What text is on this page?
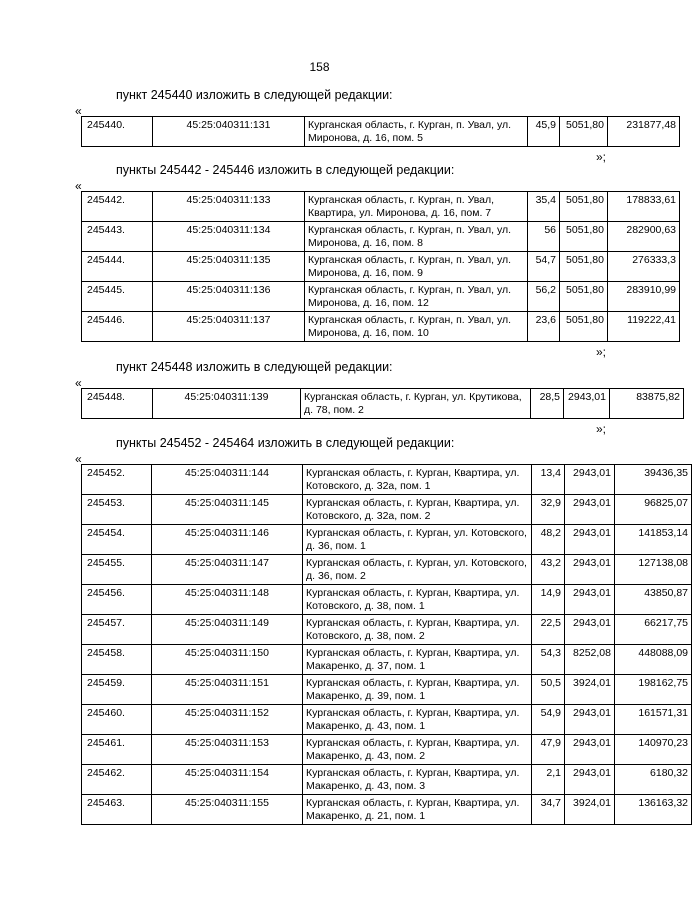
158
пункт 245440 изложить в следующей редакции:
«
245440.	45:25:040311:131	Курганская область, г. Курган, п. Увал, ул. Миронова, д. 16, пом. 5	45,9	5051,80	231877,48
»;
пункты 245442 - 245446 изложить в следующей редакции:
«
245442.	45:25:040311:133	Курганская область, г. Курган, п. Увал, Квартира, ул. Миронова, д. 16, пом. 7	35,4	5051,80	178833,61
245443.	45:25:040311:134	Курганская область, г. Курган, п. Увал, ул. Миронова, д. 16, пом. 8	56	5051,80	282900,63
245444.	45:25:040311:135	Курганская область, г. Курган, п. Увал, ул. Миронова, д. 16, пом. 9	54,7	5051,80	276333,3
245445.	45:25:040311:136	Курганская область, г. Курган, п. Увал, ул. Миронова, д. 16, пом. 12	56,2	5051,80	283910,99
245446.	45:25:040311:137	Курганская область, г. Курган, п. Увал, ул. Миронова, д. 16, пом. 10	23,6	5051,80	119222,41
»;
пункт 245448 изложить в следующей редакции:
«
245448.	45:25:040311:139	Курганская область, г. Курган, ул. Крутикова, д. 78, пом. 2	28,5	2943,01	83875,82
»;
пункты 245452 - 245464 изложить в следующей редакции:
«
245452.	45:25:040311:144	Курганская область, г. Курган, Квартира, ул. Котовского, д. 32а, пом. 1	13,4	2943,01	39436,35
245453.	45:25:040311:145	Курганская область, г. Курган, Квартира, ул. Котовского, д. 32а, пом. 2	32,9	2943,01	96825,07
245454.	45:25:040311:146	Курганская область, г. Курган, ул. Котовского, д. 36, пом. 1	48,2	2943,01	141853,14
245455.	45:25:040311:147	Курганская область, г. Курган, ул. Котовского, д. 36, пом. 2	43,2	2943,01	127138,08
245456.	45:25:040311:148	Курганская область, г. Курган, Квартира, ул. Котовского, д. 38, пом. 1	14,9	2943,01	43850,87
245457.	45:25:040311:149	Курганская область, г. Курган, Квартира, ул. Котовского, д. 38, пом. 2	22,5	2943,01	66217,75
245458.	45:25:040311:150	Курганская область, г. Курган, Квартира, ул. Макаренко, д. 37, пом. 1	54,3	8252,08	448088,09
245459.	45:25:040311:151	Курганская область, г. Курган, Квартира, ул. Макаренко, д. 39, пом. 1	50,5	3924,01	198162,75
245460.	45:25:040311:152	Курганская область, г. Курган, Квартира, ул. Макаренко, д. 43, пом. 1	54,9	2943,01	161571,31
245461.	45:25:040311:153	Курганская область, г. Курган, Квартира, ул. Макаренко, д. 43, пом. 2	47,9	2943,01	140970,23
245462.	45:25:040311:154	Курганская область, г. Курган, Квартира, ул. Макаренко, д. 43, пом. 3	2,1	2943,01	6180,32
245463.	45:25:040311:155	Курганская область, г. Курган, Квартира, ул. Макаренко, д. 21, пом. 1	34,7	3924,01	136163,32
